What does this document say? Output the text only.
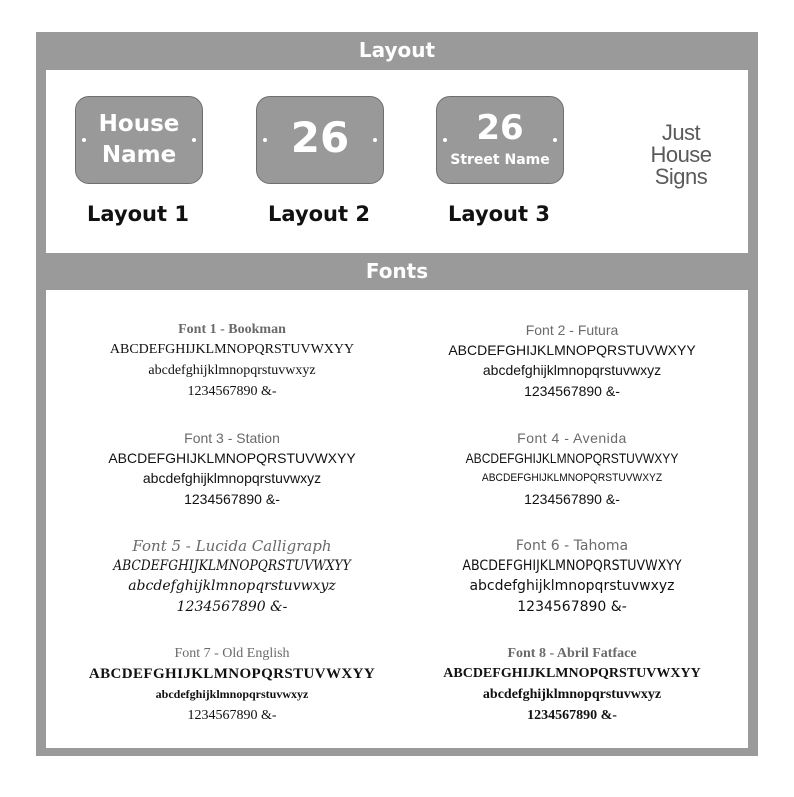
Layout
House
Name	26	26
Street Name
Layout 1	Layout 2	Layout 3
Just
House
Signs
Fonts
Font 1 - Bookman
ABCDEFGHIJKLMNOPQRSTUVWXYY
abcdefghijklmnopqrstuvwxyz
1234567890 &-
Font 2 - Futura
ABCDEFGHIJKLMNOPQRSTUVWXYY
abcdefghijklmnopqrstuvwxyz
1234567890 &-
Font 3 - Station
ABCDEFGHIJKLMNOPQRSTUVWXYY
abcdefghijklmnopqrstuvwxyz
1234567890 &-
Font 4 - Avenida
ABCDEFGHIJKLMNOPQRSTUVWXYY
ABCDEFGHIJKLMNOPQRSTUVWXYZ
1234567890 &-
Font 5 - Lucida Calligraph
ABCDEFGHIJKLMNOPQRSTUVWXYY
abcdefghijklmnopqrstuvwxyz
1234567890 &-
Font 6 - Tahoma
ABCDEFGHIJKLMNOPQRSTUVWXYY
abcdefghijklmnopqrstuvwxyz
1234567890 &-
Font 7 - Old English
ABCDEFGHIJKLMNOPQRSTUVWXYY
abcdefghijklmnopqrstuvwxyz
1234567890 &-
Font 8 - Abril Fatface
ABCDEFGHIJKLMNOPQRSTUVWXYY
abcdefghijklmnopqrstuvwxyz
1234567890 &-
